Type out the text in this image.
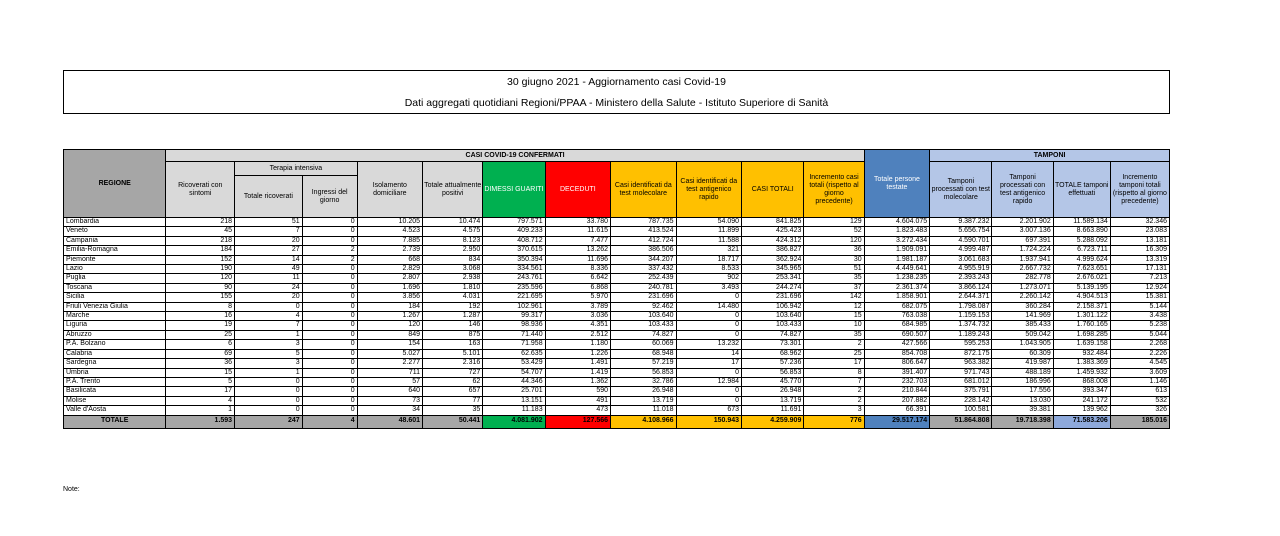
30 giugno 2021 - Aggiornamento casi Covid-19
Dati aggregati quotidiani Regioni/PPAA - Ministero della Salute - Istituto Superiore di Sanità
REGIONE	CASI COVID-19 CONFERMATI											Totale persone testate	TAMPONI			
	Ricoverati con sintomi	Terapia intensiva		Isolamento domiciliare	Totale attualmente positivi	DIMESSI GUARITI	DECEDUTI	Casi identificati da test molecolare	Casi identificati da test antigenico rapido	CASI TOTALI	Incremento casi totali (rispetto al giorno precedente)		Tamponi processati con test molecolare	Tamponi processati con test antigenico rapido	TOTALE tamponi effettuati	Incremento tamponi totali (rispetto al giorno precedente)
		Totale ricoverati	Ingressi del giorno													
Lombardia	218	51	0	10.205	10.474	797.571	33.780	787.735	54.090	841.825	129	4.604.075	9.387.232	2.201.902	11.589.134	32.346
Veneto	45	7	0	4.523	4.575	409.233	11.615	413.524	11.899	425.423	52	1.823.483	5.656.754	3.007.136	8.663.890	23.083
Campania	218	20	0	7.885	8.123	408.712	7.477	412.724	11.588	424.312	120	3.272.434	4.590.701	697.391	5.288.092	13.181
Emilia-Romagna	184	27	2	2.739	2.950	370.615	13.262	386.506	321	386.827	36	1.909.091	4.999.487	1.724.224	6.723.711	16.309
Piemonte	152	14	2	668	834	350.394	11.696	344.207	18.717	362.924	30	1.981.187	3.061.683	1.937.941	4.999.624	13.319
Lazio	190	49	0	2.829	3.068	334.561	8.336	337.432	8.533	345.965	51	4.449.641	4.955.919	2.667.732	7.623.651	17.131
Puglia	120	11	0	2.807	2.938	243.761	6.642	252.439	902	253.341	35	1.238.235	2.393.243	282.778	2.676.021	7.213
Toscana	90	24	0	1.696	1.810	235.596	6.868	240.781	3.493	244.274	37	2.361.374	3.866.124	1.273.071	5.139.195	12.924
Sicilia	155	20	0	3.856	4.031	221.695	5.970	231.696	0	231.696	142	1.858.901	2.644.371	2.260.142	4.904.513	15.381
Friuli Venezia Giulia	8	0	0	184	192	102.961	3.789	92.462	14.480	106.942	12	682.075	1.798.087	360.284	2.158.371	5.144
Marche	16	4	0	1.267	1.287	99.317	3.036	103.640	0	103.640	15	763.038	1.159.153	141.969	1.301.122	3.438
Liguria	19	7	0	120	146	98.936	4.351	103.433	0	103.433	10	684.985	1.374.732	385.433	1.760.165	5.238
Abruzzo	25	1	0	849	875	71.440	2.512	74.827	0	74.827	35	690.507	1.189.243	509.042	1.698.285	5.044
P.A. Bolzano	6	3	0	154	163	71.958	1.180	60.069	13.232	73.301	2	427.566	595.253	1.043.905	1.639.158	2.268
Calabria	69	5	0	5.027	5.101	62.635	1.226	68.948	14	68.962	25	854.708	872.175	60.309	932.484	2.226
Sardegna	36	3	0	2.277	2.316	53.429	1.491	57.219	17	57.236	17	806.647	963.382	419.987	1.383.369	4.545
Umbria	15	1	0	711	727	54.707	1.419	56.853	0	56.853	8	391.407	971.743	488.189	1.459.932	3.609
P.A. Trento	5	0	0	57	62	44.346	1.362	32.786	12.984	45.770	7	232.703	681.012	186.996	868.008	1.146
Basilicata	17	0	0	640	657	25.701	590	26.948	0	26.948	2	210.844	375.791	17.556	393.347	613
Molise	4	0	0	73	77	13.151	491	13.719	0	13.719	2	207.882	228.142	13.030	241.172	532
Valle d'Aosta	1	0	0	34	35	11.183	473	11.018	673	11.691	3	66.391	100.581	39.381	139.962	326
TOTALE	1.593	247	4	48.601	50.441	4.081.902	127.566	4.108.966	150.943	4.259.909	776	29.517.174	51.864.808	19.718.398	71.583.206	185.016
Note:
